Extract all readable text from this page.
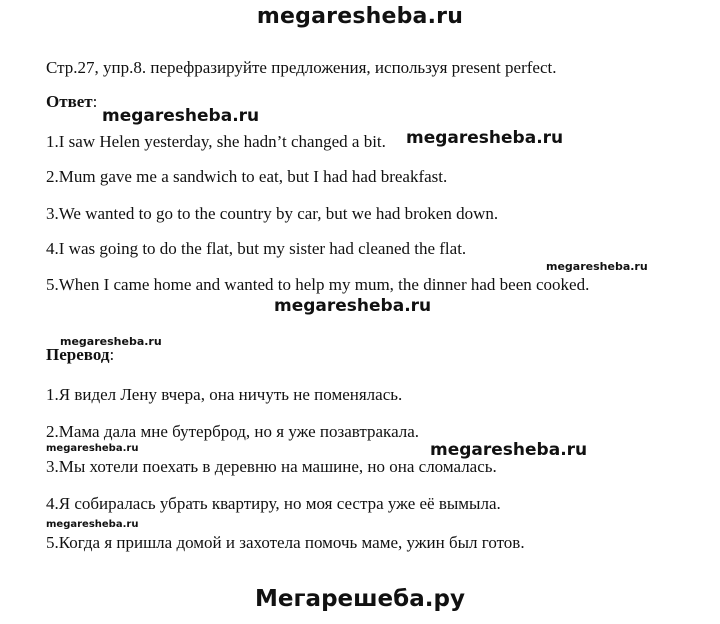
megaresheba.ru
Стр.27, упр.8. перефразируйте предложения, используя present perfect.
Ответ:
megaresheba.ru
1.I saw Helen yesterday, she hadn’t changed a bit. megaresheba.ru
2.Mum gave me a sandwich to eat, but I had had breakfast.
3.We wanted to go to the country by car, but we had broken down.
4.I was going to do the flat, but my sister had cleaned the flat.
megaresheba.ru
5.When I came home and wanted to help my mum, the dinner had been cooked.
megaresheba.ru
megaresheba.ru
Перевод:
1.Я видел Лену вчера, она ничуть не поменялась.
2.Мама дала мне бутерброд, но я уже позавтракала.
megaresheba.ru
megaresheba.ru
3.Мы хотели поехать в деревню на машине, но она сломалась.
4.Я собиралась убрать квартиру, но моя сестра уже её вымыла.
megaresheba.ru
5.Когда я пришла домой и захотела помочь маме, ужин был готов.
Мегарешеба.ру
